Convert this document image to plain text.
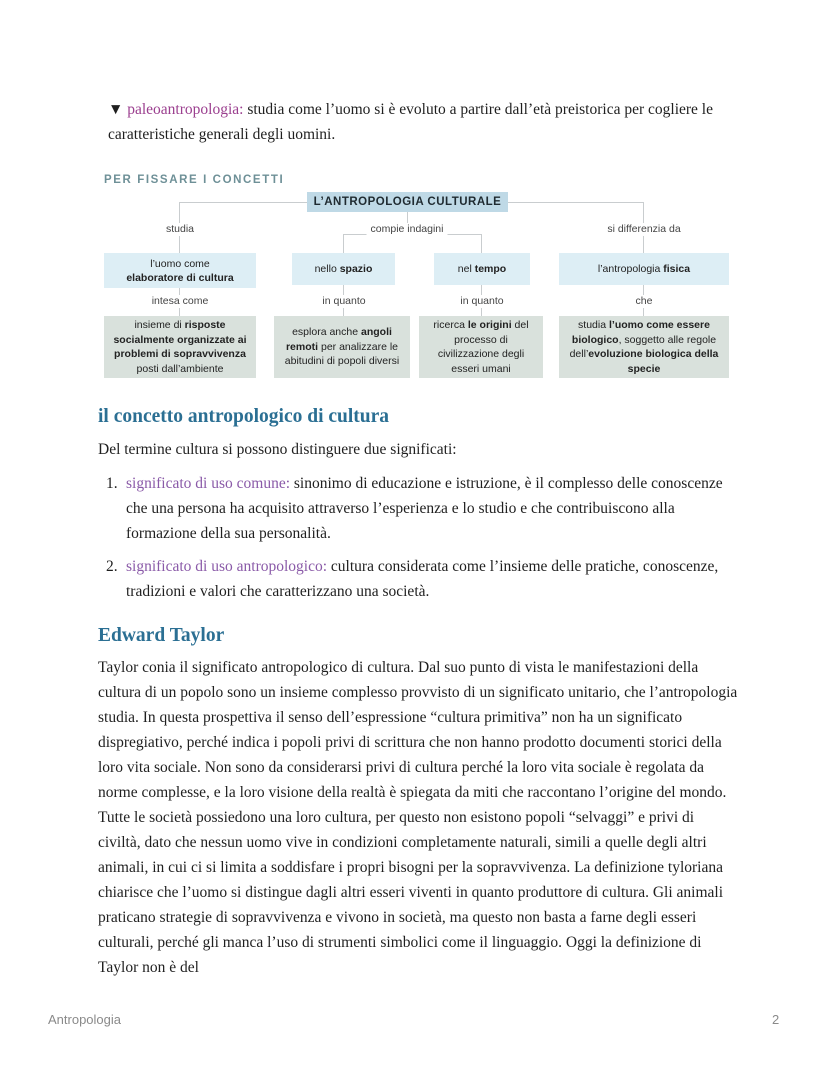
▼ paleoantropologia: studia come l’uomo si è evoluto a partire dall’età preistorica per cogliere le caratteristiche generali degli uomini.
PER FISSARE I CONCETTI
L’ANTROPOLOGIA CULTURALE
studia	compie indagini	si differenzia da
l’uomo come
elaboratore di cultura
nello spazio	nel tempo	l’antropologia fisica
intesa come	in quanto	in quanto	che
insieme di risposte socialmente organizzate ai problemi di sopravvivenza posti dall’ambiente
esplora anche angoli remoti per analizzare le abitudini di popoli diversi
ricerca le origini del processo di civilizzazione degli esseri umani
studia l’uomo come essere biologico, soggetto alle regole dell’evoluzione biologica della specie
il concetto antropologico di cultura
Del termine cultura si possono distinguere due significati:
1. significato di uso comune: sinonimo di educazione e istruzione, è il complesso delle conoscenze che una persona ha acquisito attraverso l’esperienza e lo studio e che contribuiscono alla formazione della sua personalità.
2. significato di uso antropologico: cultura considerata come l’insieme delle pratiche, conoscenze, tradizioni e valori che caratterizzano una società.
Edward Taylor
Taylor conia il significato antropologico di cultura. Dal suo punto di vista le manifestazioni della cultura di un popolo sono un insieme complesso provvisto di un significato unitario, che l’antropologia studia. In questa prospettiva il senso dell’espressione “cultura primitiva” non ha un significato dispregiativo, perché indica i popoli privi di scrittura che non hanno prodotto documenti storici della loro vita sociale. Non sono da considerarsi privi di cultura perché la loro vita sociale è regolata da norme complesse, e la loro visione della realtà è spiegata da miti che raccontano l’origine del mondo. Tutte le società possiedono una loro cultura, per questo non esistono popoli “selvaggi” e privi di civiltà, dato che nessun uomo vive in condizioni completamente naturali, simili a quelle degli altri animali, in cui ci si limita a soddisfare i propri bisogni per la sopravvivenza. La definizione tyloriana chiarisce che l’uomo si distingue dagli altri esseri viventi in quanto produttore di cultura. Gli animali praticano strategie di sopravvivenza e vivono in società, ma questo non basta a farne degli esseri culturali, perché gli manca l’uso di strumenti simbolici come il linguaggio. Oggi la definizione di Taylor non è del
Antropologia	2
